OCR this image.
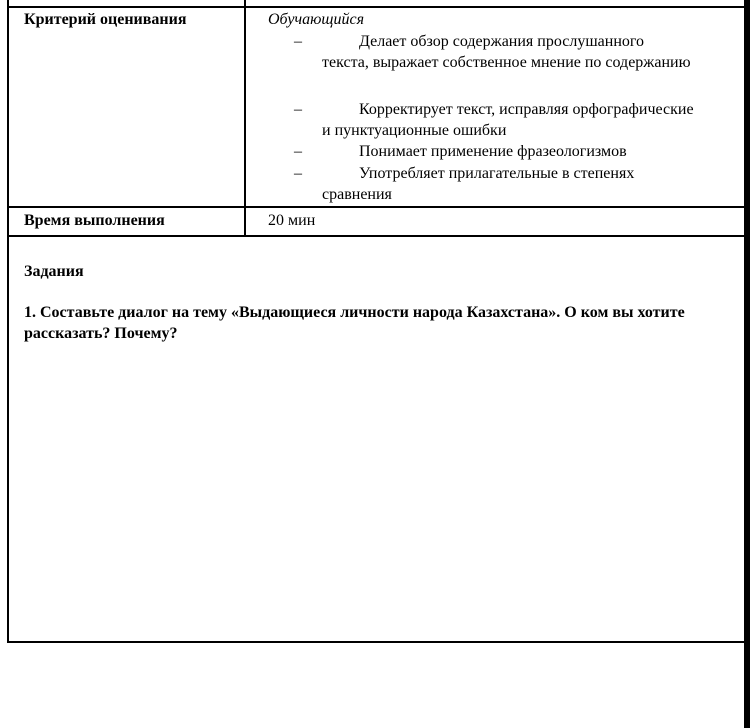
Критерий оценивания	Обучающийся
–	Делает обзор содержания прослушанного текста, выражает собственное мнение по содержанию
–	Корректирует текст, исправляя орфографические и пунктуационные ошибки
–	Понимает применение фразеологизмов
–	Употребляет прилагательные в степенях сравнения
Время выполнения	20 мин
Задания
1. Составьте диалог на тему «Выдающиеся личности народа Казахстана». О ком вы хотите рассказать? Почему?
